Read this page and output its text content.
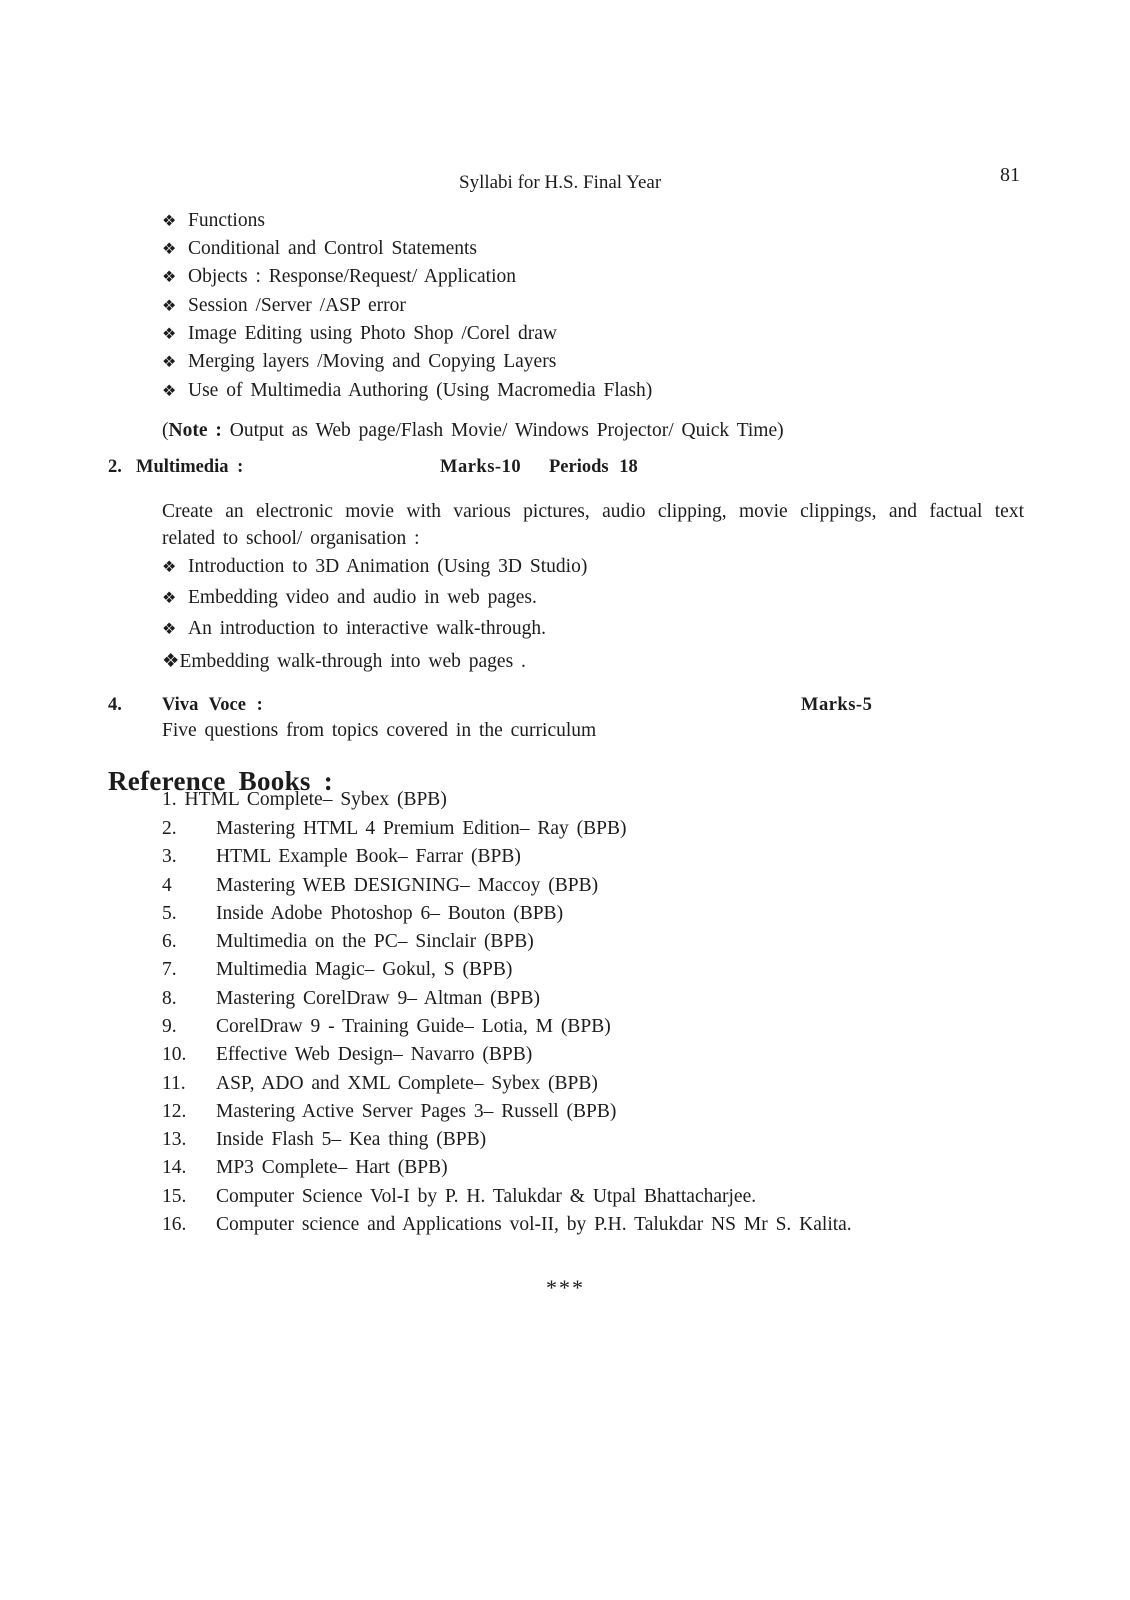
Syllabi for H.S. Final Year	81
❖ Functions
❖ Conditional and Control Statements
❖ Objects : Response/Request/ Application
❖ Session /Server /ASP error
❖ Image Editing using Photo Shop /Corel draw
❖ Merging layers /Moving and Copying Layers
❖ Use of Multimedia Authoring (Using Macromedia Flash)
(Note : Output as Web page/Flash Movie/ Windows Projector/ Quick Time)
2. Multimedia :	Marks-10 Periods 18
Create an electronic movie with various pictures, audio clipping, movie clippings, and factual text related to school/ organisation :
❖ Introduction to 3D Animation (Using 3D Studio)
❖ Embedding video and audio in web pages.
❖ An introduction to interactive walk-through.
❖Embedding walk-through into web pages .
4. Viva Voce :	Marks-5
Five questions from topics covered in the curriculum
Reference Books :
1. HTML Complete– Sybex (BPB)
2. Mastering HTML 4 Premium Edition– Ray (BPB)
3. HTML Example Book– Farrar (BPB)
4 Mastering WEB DESIGNING– Maccoy (BPB)
5. Inside Adobe Photoshop 6– Bouton (BPB)
6. Multimedia on the PC– Sinclair (BPB)
7. Multimedia Magic– Gokul, S (BPB)
8. Mastering CorelDraw 9– Altman (BPB)
9. CorelDraw 9 - Training Guide– Lotia, M (BPB)
10. Effective Web Design– Navarro (BPB)
11. ASP, ADO and XML Complete– Sybex (BPB)
12. Mastering Active Server Pages 3– Russell (BPB)
13. Inside Flash 5– Kea thing (BPB)
14. MP3 Complete– Hart (BPB)
15. Computer Science Vol-I by P. H. Talukdar & Utpal Bhattacharjee.
16. Computer science and Applications vol-II, by P.H. Talukdar NS Mr S. Kalita.
***
